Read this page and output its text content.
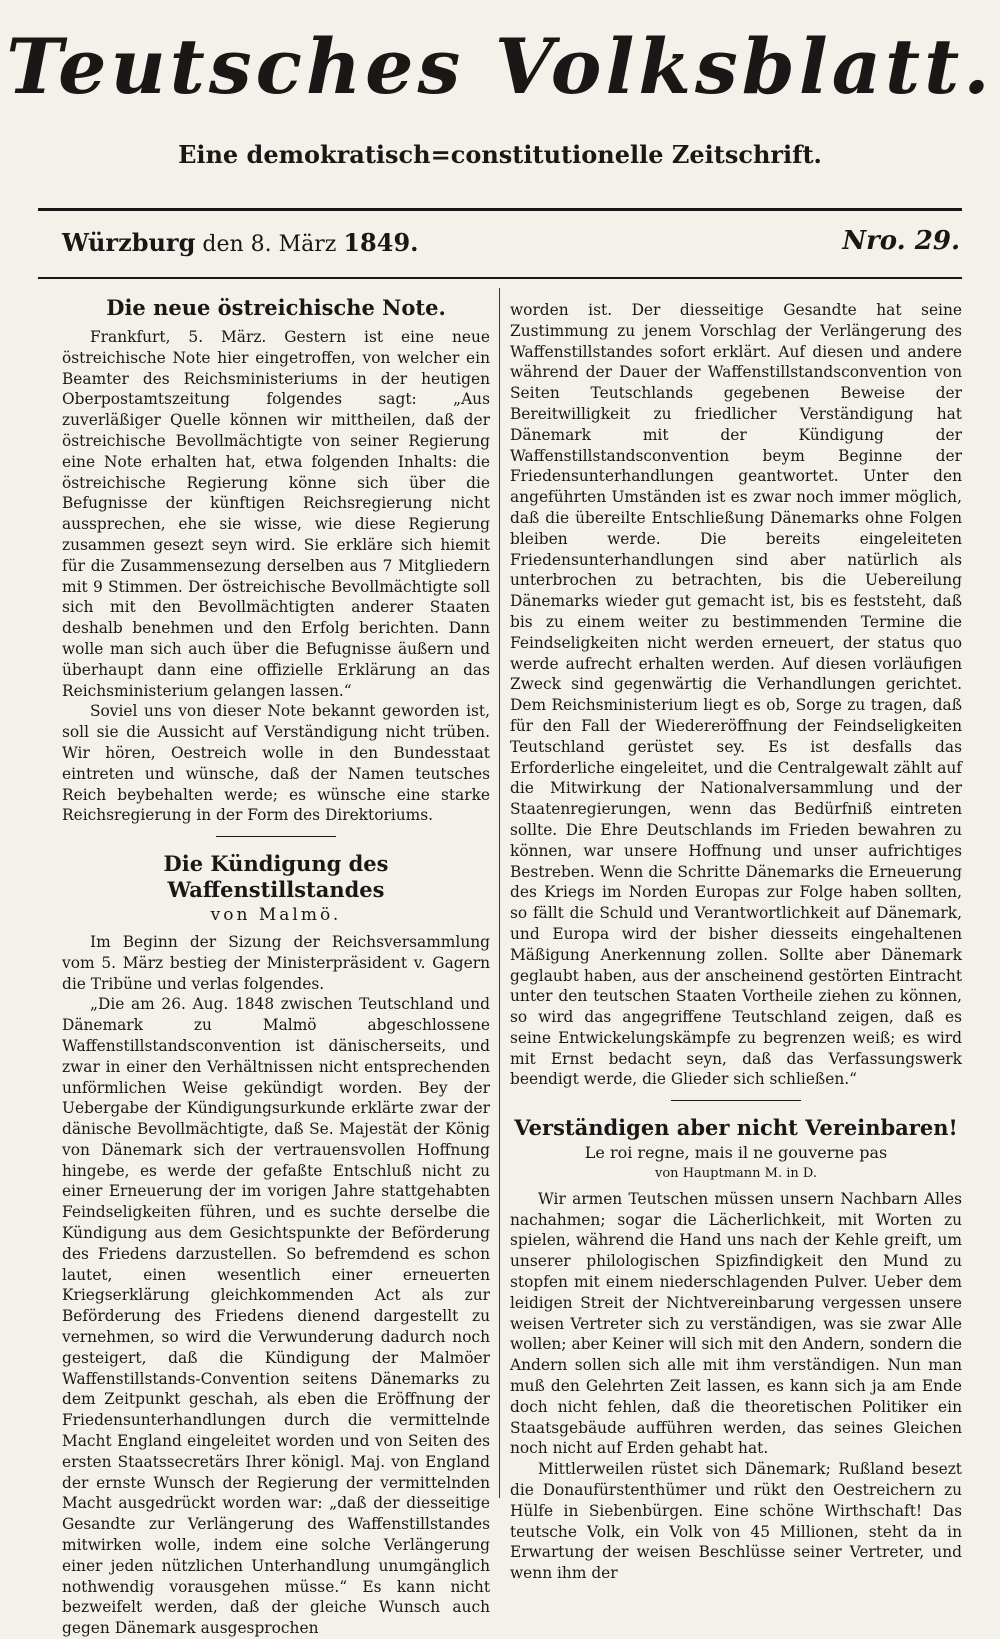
Teutsches Volksblatt.
Eine demokratisch=constitutionelle Zeitschrift.
Würzburg den 8. März 1849.	Nro. 29.
Die neue östreichische Note.

Frankfurt, 5. März. Gestern ist eine neue östreichische Note hier eingetroffen, von welcher ein Beamter des Reichsministeriums in der heutigen Oberpostamtszeitung folgendes sagt: „Aus zuverläßiger Quelle können wir mittheilen, daß der östreichische Bevollmächtigte von seiner Regierung eine Note erhalten hat, etwa folgenden Inhalts: die östreichische Regierung könne sich über die Befugnisse der künftigen Reichsregierung nicht aussprechen, ehe sie wisse, wie diese Regierung zusammen gesezt seyn wird. Sie erkläre sich hiemit für die Zusammensezung derselben aus 7 Mitgliedern mit 9 Stimmen. Der östreichische Bevollmächtigte soll sich mit den Bevollmächtigten anderer Staaten deshalb benehmen und den Erfolg berichten. Dann wolle man sich auch über die Befugnisse äußern und überhaupt dann eine offizielle Erklärung an das Reichsministerium gelangen lassen.“

Soviel uns von dieser Note bekannt geworden ist, soll sie die Aussicht auf Verständigung nicht trüben. Wir hören, Oestreich wolle in den Bundesstaat eintreten und wünsche, daß der Namen teutsches Reich beybehalten werde; es wünsche eine starke Reichsregierung in der Form des Direktoriums.

Die Kündigung des Waffenstillstandes
von Malmö.

Im Beginn der Sizung der Reichsversammlung vom 5. März bestieg der Ministerpräsident v. Gagern die Tribüne und verlas folgendes.

„Die am 26. Aug. 1848 zwischen Teutschland und Dänemark zu Malmö abgeschlossene Waffenstillstandsconvention ist dänischerseits, und zwar in einer den Verhältnissen nicht entsprechenden unförmlichen Weise gekündigt worden. Bey der Uebergabe der Kündigungsurkunde erklärte zwar der dänische Bevollmächtigte, daß Se. Majestät der König von Dänemark sich der vertrauensvollen Hoffnung hingebe, es werde der gefaßte Entschluß nicht zu einer Erneuerung der im vorigen Jahre stattgehabten Feindseligkeiten führen, und es suchte derselbe die Kündigung aus dem Gesichtspunkte der Beförderung des Friedens darzustellen. So befremdend es schon lautet, einen wesentlich einer erneuerten Kriegserklärung gleichkommenden Act als zur Beförderung des Friedens dienend dargestellt zu vernehmen, so wird die Verwunderung dadurch noch gesteigert, daß die Kündigung der Malmöer Waffenstillstands-Convention seitens Dänemarks zu dem Zeitpunkt geschah, als eben die Eröffnung der Friedensunterhandlungen durch die vermittelnde Macht England eingeleitet worden und von Seiten des ersten Staatssecretärs Ihrer königl. Maj. von England der ernste Wunsch der Regierung der vermittelnden Macht ausgedrückt worden war: „daß der diesseitige Gesandte zur Verlängerung des Waffenstillstandes mitwirken wolle, indem eine solche Verlängerung einer jeden nützlichen Unterhandlung unumgänglich nothwendig vorausgehen müsse.“ Es kann nicht bezweifelt werden, daß der gleiche Wunsch auch gegen Dänemark ausgesprochen

worden ist. Der diesseitige Gesandte hat seine Zustimmung zu jenem Vorschlag der Verlängerung des Waffenstillstandes sofort erklärt. Auf diesen und andere während der Dauer der Waffenstillstandsconvention von Seiten Teutschlands gegebenen Beweise der Bereitwilligkeit zu friedlicher Verständigung hat Dänemark mit der Kündigung der Waffenstillstandsconvention beym Beginne der Friedensunterhandlungen geantwortet. Unter den angeführten Umständen ist es zwar noch immer möglich, daß die übereilte Entschließung Dänemarks ohne Folgen bleiben werde. Die bereits eingeleiteten Friedensunterhandlungen sind aber natürlich als unterbrochen zu betrachten, bis die Uebereilung Dänemarks wieder gut gemacht ist, bis es feststeht, daß bis zu einem weiter zu bestimmenden Termine die Feindseligkeiten nicht werden erneuert, der status quo werde aufrecht erhalten werden. Auf diesen vorläufigen Zweck sind gegenwärtig die Verhandlungen gerichtet. Dem Reichsministerium liegt es ob, Sorge zu tragen, daß für den Fall der Wiedereröffnung der Feindseligkeiten Teutschland gerüstet sey. Es ist desfalls das Erforderliche eingeleitet, und die Centralgewalt zählt auf die Mitwirkung der Nationalversammlung und der Staatenregierungen, wenn das Bedürfniß eintreten sollte. Die Ehre Deutschlands im Frieden bewahren zu können, war unsere Hoffnung und unser aufrichtiges Bestreben. Wenn die Schritte Dänemarks die Erneuerung des Kriegs im Norden Europas zur Folge haben sollten, so fällt die Schuld und Verantwortlichkeit auf Dänemark, und Europa wird der bisher diesseits eingehaltenen Mäßigung Anerkennung zollen. Sollte aber Dänemark geglaubt haben, aus der anscheinend gestörten Eintracht unter den teutschen Staaten Vortheile ziehen zu können, so wird das angegriffene Teutschland zeigen, daß es seine Entwickelungskämpfe zu begrenzen weiß; es wird mit Ernst bedacht seyn, daß das Verfassungswerk beendigt werde, die Glieder sich schließen.“

Verständigen aber nicht Vereinbaren!
Le roi regne, mais il ne gouverne pas
von Hauptmann M. in D.

Wir armen Teutschen müssen unsern Nachbarn Alles nachahmen; sogar die Lächerlichkeit, mit Worten zu spielen, während die Hand uns nach der Kehle greift, um unserer philologischen Spizfindigkeit den Mund zu stopfen mit einem niederschlagenden Pulver. Ueber dem leidigen Streit der Nichtvereinbarung vergessen unsere weisen Vertreter sich zu verständigen, was sie zwar Alle wollen; aber Keiner will sich mit den Andern, sondern die Andern sollen sich alle mit ihm verständigen. Nun man muß den Gelehrten Zeit lassen, es kann sich ja am Ende doch nicht fehlen, daß die theoretischen Politiker ein Staatsgebäude aufführen werden, das seines Gleichen noch nicht auf Erden gehabt hat.

Mittlerweilen rüstet sich Dänemark; Rußland besezt die Donaufürstenthümer und rükt den Oestreichern zu Hülfe in Siebenbürgen. Eine schöne Wirthschaft! Das teutsche Volk, ein Volk von 45 Millionen, steht da in Erwartung der weisen Beschlüsse seiner Vertreter, und wenn ihm der
